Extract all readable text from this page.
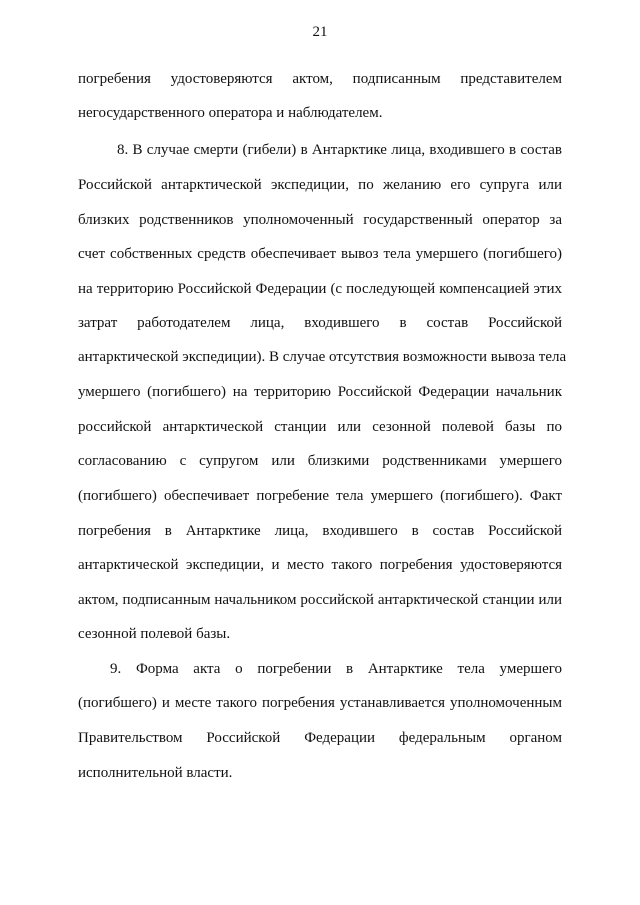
21
погребения удостоверяются актом, подписанным представителем
негосударственного оператора и наблюдателем.
8. В случае смерти (гибели) в Антарктике лица, входившего в состав
Российской антарктической экспедиции, по желанию его супруга или
близких родственников уполномоченный государственный оператор за
счет собственных средств обеспечивает вывоз тела умершего (погибшего)
на территорию Российской Федерации (с последующей компенсацией этих
затрат работодателем лица, входившего в состав Российской
антарктической экспедиции). В случае отсутствия возможности вывоза тела
умершего (погибшего) на территорию Российской Федерации начальник
российской антарктической станции или сезонной полевой базы по
согласованию с супругом или близкими родственниками умершего
(погибшего) обеспечивает погребение тела умершего (погибшего). Факт
погребения в Антарктике лица, входившего в состав Российской
антарктической экспедиции, и место такого погребения удостоверяются
актом, подписанным начальником российской антарктической станции или
сезонной полевой базы.
9. Форма акта о погребении в Антарктике тела умершего
(погибшего) и месте такого погребения устанавливается уполномоченным
Правительством Российской Федерации федеральным органом
исполнительной власти.
